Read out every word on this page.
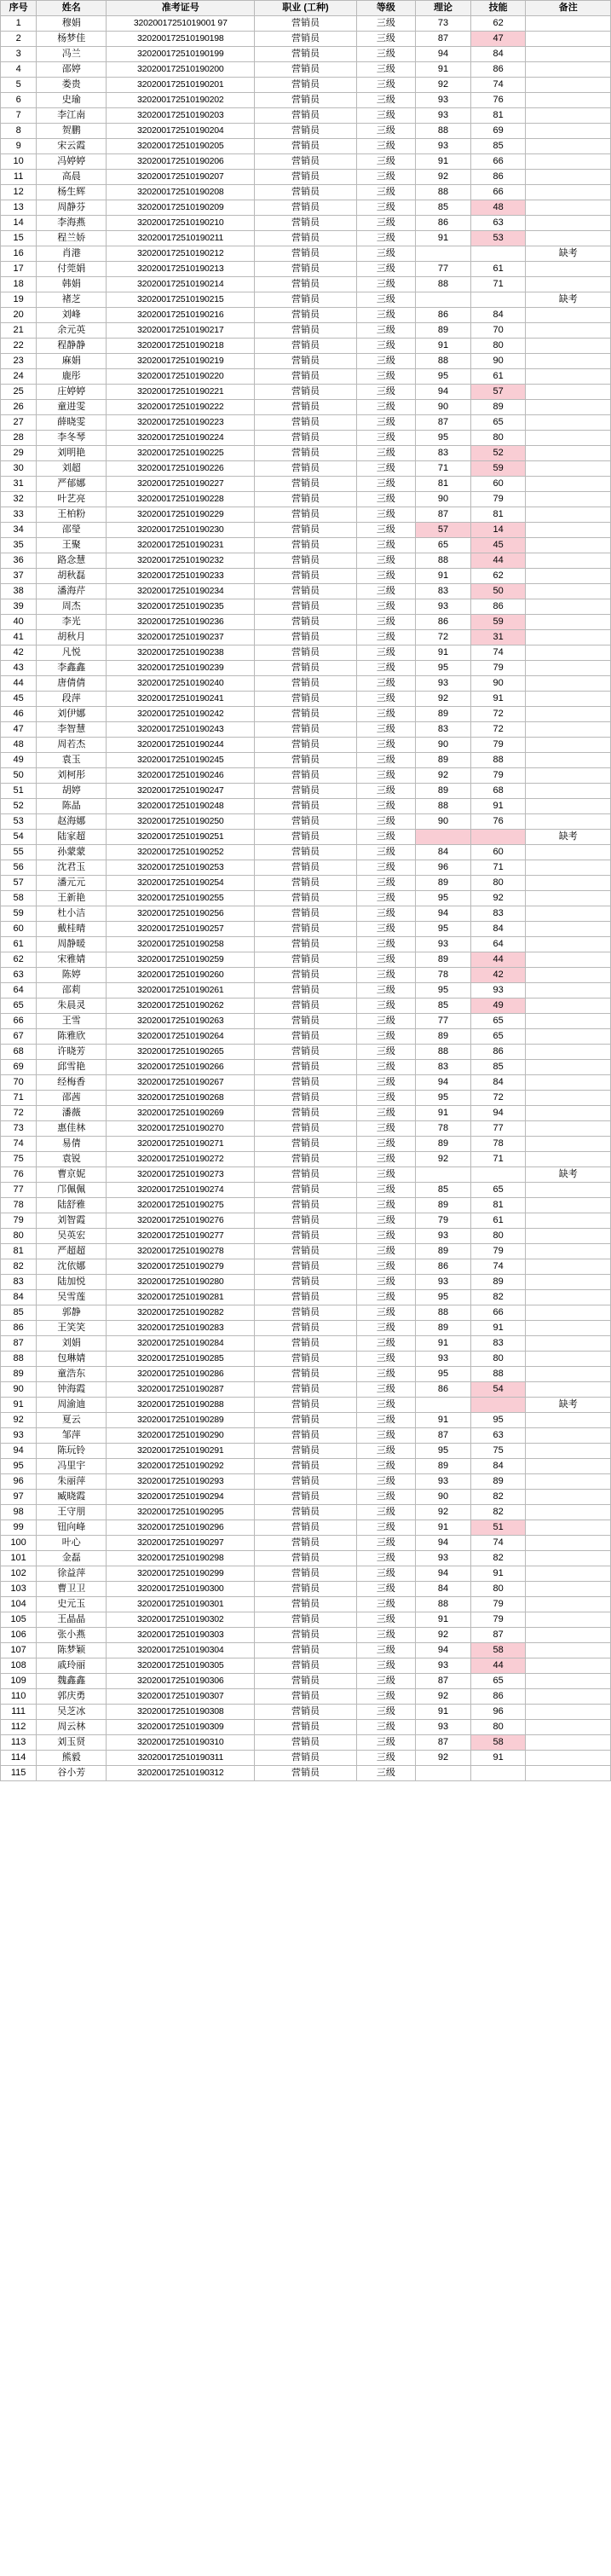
序号	姓名	准考证号	职业 (工种)	等级	理论	技能	备注
1	穆娟	32020017251019001 97	营销员	三级	73	62	
2	杨梦佳	320200172510190198	营销员	三级	87	47	
3	冯兰	320200172510190199	营销员	三级	94	84	
4	邵婷	320200172510190200	营销员	三级	91	86	
5	娄贵	320200172510190201	营销员	三级	92	74	
6	史瑜	320200172510190202	营销员	三级	93	76	
7	李江南	320200172510190203	营销员	三级	93	81	
8	贺鹏	320200172510190204	营销员	三级	88	69	
9	宋云霞	320200172510190205	营销员	三级	93	85	
10	冯婷婷	320200172510190206	营销员	三级	91	66	
11	高晨	320200172510190207	营销员	三级	92	86	
12	杨生辉	320200172510190208	营销员	三级	88	66	
13	周静芬	320200172510190209	营销员	三级	85	48	
14	李海燕	320200172510190210	营销员	三级	86	63	
15	程兰娇	320200172510190211	营销员	三级	91	53	
16	肖港	320200172510190212	营销员	三级			缺考
17	付莞娟	320200172510190213	营销员	三级	77	61	
18	韩娟	320200172510190214	营销员	三级	88	71	
19	褚芝	320200172510190215	营销员	三级			缺考
20	刘峰	320200172510190216	营销员	三级	86	84	
21	余元英	320200172510190217	营销员	三级	89	70	
22	程静静	320200172510190218	营销员	三级	91	80	
23	麻娟	320200172510190219	营销员	三级	88	90	
24	鹿彤	320200172510190220	营销员	三级	95	61	
25	庄婷婷	320200172510190221	营销员	三级	94	57	
26	童进雯	320200172510190222	营销员	三级	90	89	
27	薛晓雯	320200172510190223	营销员	三级	87	65	
28	李冬琴	320200172510190224	营销员	三级	95	80	
29	刘明艳	320200172510190225	营销员	三级	83	52	
30	刘超	320200172510190226	营销员	三级	71	59	
31	严郁娜	320200172510190227	营销员	三级	81	60	
32	叶艺亮	320200172510190228	营销员	三级	90	79	
33	王柏粉	320200172510190229	营销员	三级	87	81	
34	邵瑩	320200172510190230	营销员	三级	57	14	
35	王聚	320200172510190231	营销员	三级	65	45	
36	路念慧	320200172510190232	营销员	三级	88	44	
37	胡秋磊	320200172510190233	营销员	三级	91	62	
38	潘海芹	320200172510190234	营销员	三级	83	50	
39	周杰	320200172510190235	营销员	三级	93	86	
40	李光	320200172510190236	营销员	三级	86	59	
41	胡秋月	320200172510190237	营销员	三级	72	31	
42	凡悦	320200172510190238	营销员	三级	91	74	
43	李鑫鑫	320200172510190239	营销员	三级	95	79	
44	唐倩倩	320200172510190240	营销员	三级	93	90	
45	段萍	320200172510190241	营销员	三级	92	91	
46	刘伊娜	320200172510190242	营销员	三级	89	72	
47	李智慧	320200172510190243	营销员	三级	83	72	
48	周若杰	320200172510190244	营销员	三级	90	79	
49	袁玉	320200172510190245	营销员	三级	89	88	
50	刘柯彤	320200172510190246	营销员	三级	92	79	
51	胡婷	320200172510190247	营销员	三级	89	68	
52	陈晶	320200172510190248	营销员	三级	88	91	
53	赵海娜	320200172510190250	营销员	三级	90	76	
54	陆家超	320200172510190251	营销员	三级			缺考
55	孙蒙蒙	320200172510190252	营销员	三级	84	60	
56	沈君玉	320200172510190253	营销员	三级	96	71	
57	潘元元	320200172510190254	营销员	三级	89	80	
58	王新艳	320200172510190255	营销员	三级	95	92	
59	杜小洁	320200172510190256	营销员	三级	94	83	
60	戴桂晴	320200172510190257	营销员	三级	95	84	
61	周静暖	320200172510190258	营销员	三级	93	64	
62	宋雅婧	320200172510190259	营销员	三级	89	44	
63	陈婷	320200172510190260	营销员	三级	78	42	
64	邵莉	320200172510190261	营销员	三级	95	93	
65	朱晨灵	320200172510190262	营销员	三级	85	49	
66	王雪	320200172510190263	营销员	三级	77	65	
67	陈雅欣	320200172510190264	营销员	三级	89	65	
68	许晓芳	320200172510190265	营销员	三级	88	86	
69	邱雪艳	320200172510190266	营销员	三级	83	85	
70	经梅香	320200172510190267	营销员	三级	94	84	
71	邵茜	320200172510190268	营销员	三级	95	72	
72	潘薇	320200172510190269	营销员	三级	91	94	
73	惠佳林	320200172510190270	营销员	三级	78	77	
74	易倩	320200172510190271	营销员	三级	89	78	
75	袁锐	320200172510190272	营销员	三级	92	71	
76	曹京妮	320200172510190273	营销员	三级			缺考
77	邝佩佩	320200172510190274	营销员	三级	85	65	
78	陆舒雅	320200172510190275	营销员	三级	89	81	
79	刘智霞	320200172510190276	营销员	三级	79	61	
80	吴英宏	320200172510190277	营销员	三级	93	80	
81	严超超	320200172510190278	营销员	三级	89	79	
82	沈依娜	320200172510190279	营销员	三级	86	74	
83	陆加悦	320200172510190280	营销员	三级	93	89	
84	吴雪莲	320200172510190281	营销员	三级	95	82	
85	郭静	320200172510190282	营销员	三级	88	66	
86	王笑笑	320200172510190283	营销员	三级	89	91	
87	刘娟	320200172510190284	营销员	三级	91	83	
88	包琳婧	320200172510190285	营销员	三级	93	80	
89	童浩东	320200172510190286	营销员	三级	95	88	
90	钟海霞	320200172510190287	营销员	三级	86	54	
91	周渝迪	320200172510190288	营销员	三级			缺考
92	夏云	320200172510190289	营销员	三级	91	95	
93	邹萍	320200172510190290	营销员	三级	87	63	
94	陈玩铃	320200172510190291	营销员	三级	95	75	
95	冯里宇	320200172510190292	营销员	三级	89	84	
96	朱丽萍	320200172510190293	营销员	三级	93	89	
97	臧晓霞	320200172510190294	营销员	三级	90	82	
98	王守朋	320200172510190295	营销员	三级	92	82	
99	钮向峰	320200172510190296	营销员	三级	91	51	
100	叶心	320200172510190297	营销员	三级	94	74	
101	金磊	320200172510190298	营销员	三级	93	82	
102	徐益萍	320200172510190299	营销员	三级	94	91	
103	曹卫卫	320200172510190300	营销员	三级	84	80	
104	史元玉	320200172510190301	营销员	三级	88	79	
105	王晶晶	320200172510190302	营销员	三级	91	79	
106	张小燕	320200172510190303	营销员	三级	92	87	
107	陈梦颖	320200172510190304	营销员	三级	94	58	
108	戚玲丽	320200172510190305	营销员	三级	93	44	
109	魏鑫鑫	320200172510190306	营销员	三级	87	65	
110	郭庆勇	320200172510190307	营销员	三级	92	86	
111	吴芝冰	320200172510190308	营销员	三级	91	96	
112	周云林	320200172510190309	营销员	三级	93	80	
113	刘玉贤	320200172510190310	营销员	三级	87	58	
114	熊毅	320200172510190311	营销员	三级	92	91	
115	谷小芳	320200172510190312	营销员	三级			
